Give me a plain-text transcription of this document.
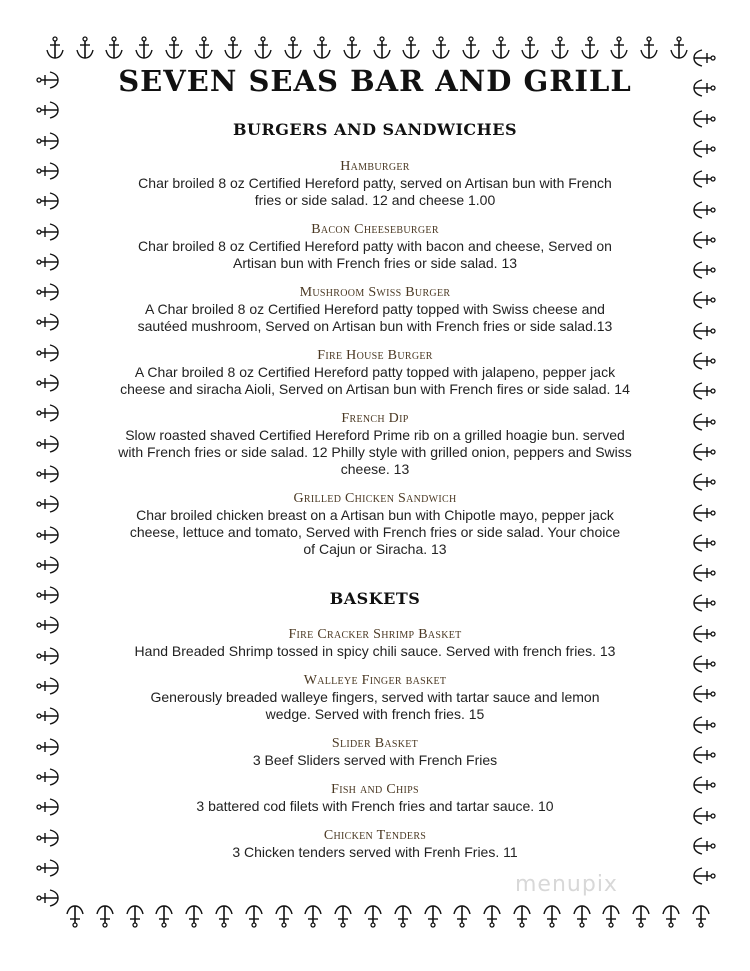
SEVEN SEAS BAR AND GRILL
BURGERS AND SANDWICHES
Hamburger
Char broiled 8 oz Certified Hereford patty, served on Artisan bun with French
fries or side salad. 12 and cheese 1.00
Bacon Cheeseburger
Char broiled 8 oz Certified Hereford patty with bacon and cheese, Served on
Artisan bun with French fries or side salad. 13
Mushroom Swiss Burger
A Char broiled 8 oz Certified Hereford patty topped with Swiss cheese and
sautéed mushroom, Served on Artisan bun with French fries or side salad.13
Fire House Burger
A Char broiled 8 oz Certified Hereford patty topped with jalapeno, pepper jack
cheese and siracha Aioli, Served on Artisan bun with French fires or side salad. 14
French Dip
Slow roasted shaved Certified Hereford Prime rib on a grilled hoagie bun. served
with French fries or side salad. 12 Philly style with grilled onion, peppers and Swiss
cheese. 13
Grilled Chicken Sandwich
Char broiled chicken breast on a Artisan bun with Chipotle mayo, pepper jack
cheese, lettuce and tomato, Served with French fries or side salad. Your choice
of Cajun or Siracha. 13
BASKETS
Fire Cracker Shrimp Basket
Hand Breaded Shrimp tossed in spicy chili sauce. Served with french fries. 13
Walleye Finger basket
Generously breaded walleye fingers, served with tartar sauce and lemon
wedge. Served with french fries. 15
Slider Basket
3 Beef Sliders served with French Fries
Fish and Chips
3 battered cod filets with French fries and tartar sauce. 10
Chicken Tenders
3 Chicken tenders served with Frenh Fries. 11
menupix
